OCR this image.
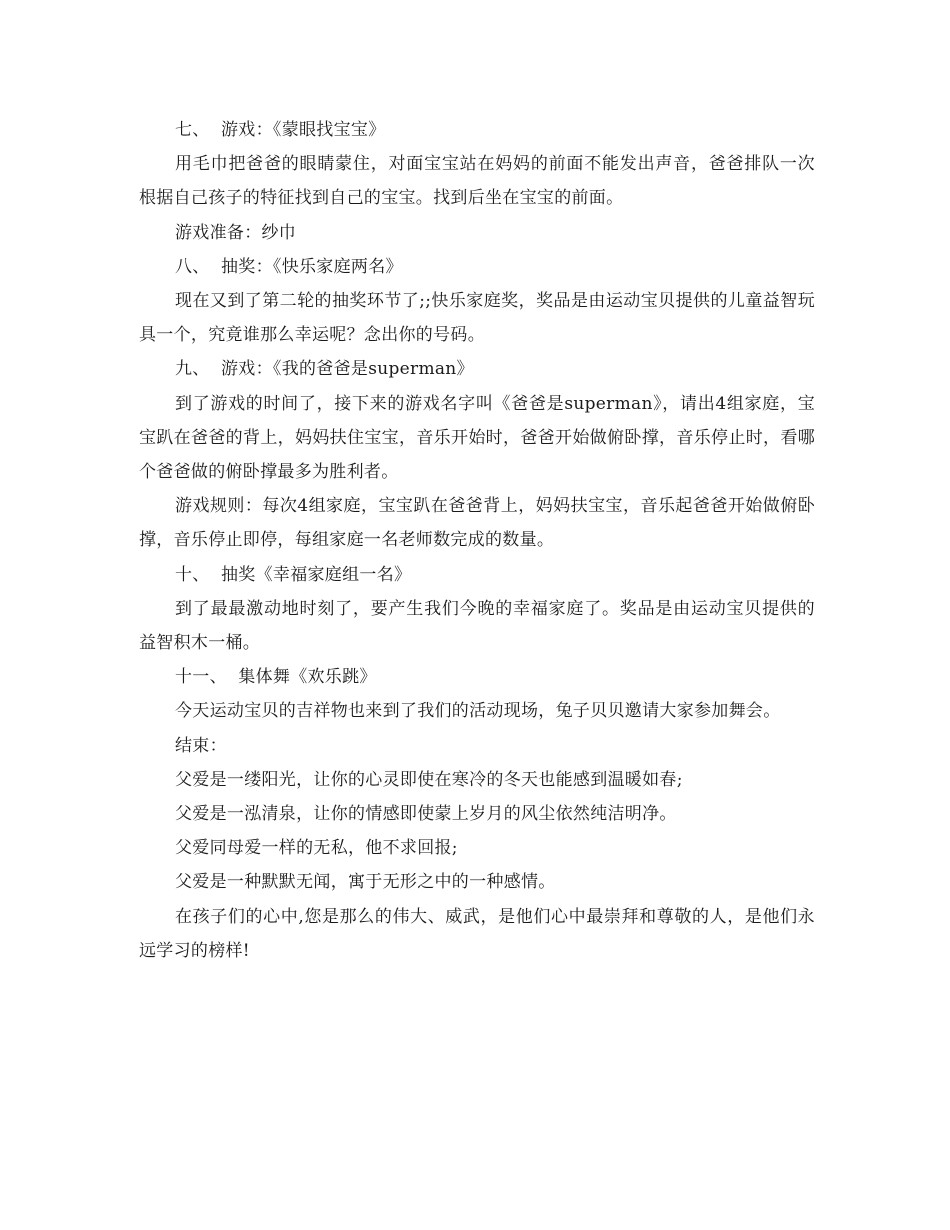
七、  游戏：《蒙眼找宝宝》

用毛巾把爸爸的眼睛蒙住，对面宝宝站在妈妈的前面不能发出声音，爸爸排队一次根据自己孩子的特征找到自己的宝宝。找到后坐在宝宝的前面。

游戏准备：纱巾

八、  抽奖：《快乐家庭两名》

现在又到了第二轮的抽奖环节了;;快乐家庭奖，奖品是由运动宝贝提供的儿童益智玩具一个，究竟谁那么幸运呢？念出你的号码。

九、  游戏：《我的爸爸是superman》

到了游戏的时间了，接下来的游戏名字叫《爸爸是superman》，请出4组家庭，宝宝趴在爸爸的背上，妈妈扶住宝宝，音乐开始时，爸爸开始做俯卧撑，音乐停止时，看哪个爸爸做的俯卧撑最多为胜利者。

游戏规则：每次4组家庭，宝宝趴在爸爸背上，妈妈扶宝宝，音乐起爸爸开始做俯卧撑，音乐停止即停，每组家庭一名老师数完成的数量。

十、  抽奖《幸福家庭组一名》

到了最最激动地时刻了，要产生我们今晚的幸福家庭了。奖品是由运动宝贝提供的益智积木一桶。

十一、  集体舞《欢乐跳》

今天运动宝贝的吉祥物也来到了我们的活动现场，兔子贝贝邀请大家参加舞会。

结束：

父爱是一缕阳光，让你的心灵即使在寒冷的冬天也能感到温暖如春;

父爱是一泓清泉，让你的情感即使蒙上岁月的风尘依然纯洁明净。

父爱同母爱一样的无私，他不求回报;

父爱是一种默默无闻，寓于无形之中的一种感情。

在孩子们的心中,您是那么的伟大、威武，是他们心中最崇拜和尊敬的人，是他们永远学习的榜样!
